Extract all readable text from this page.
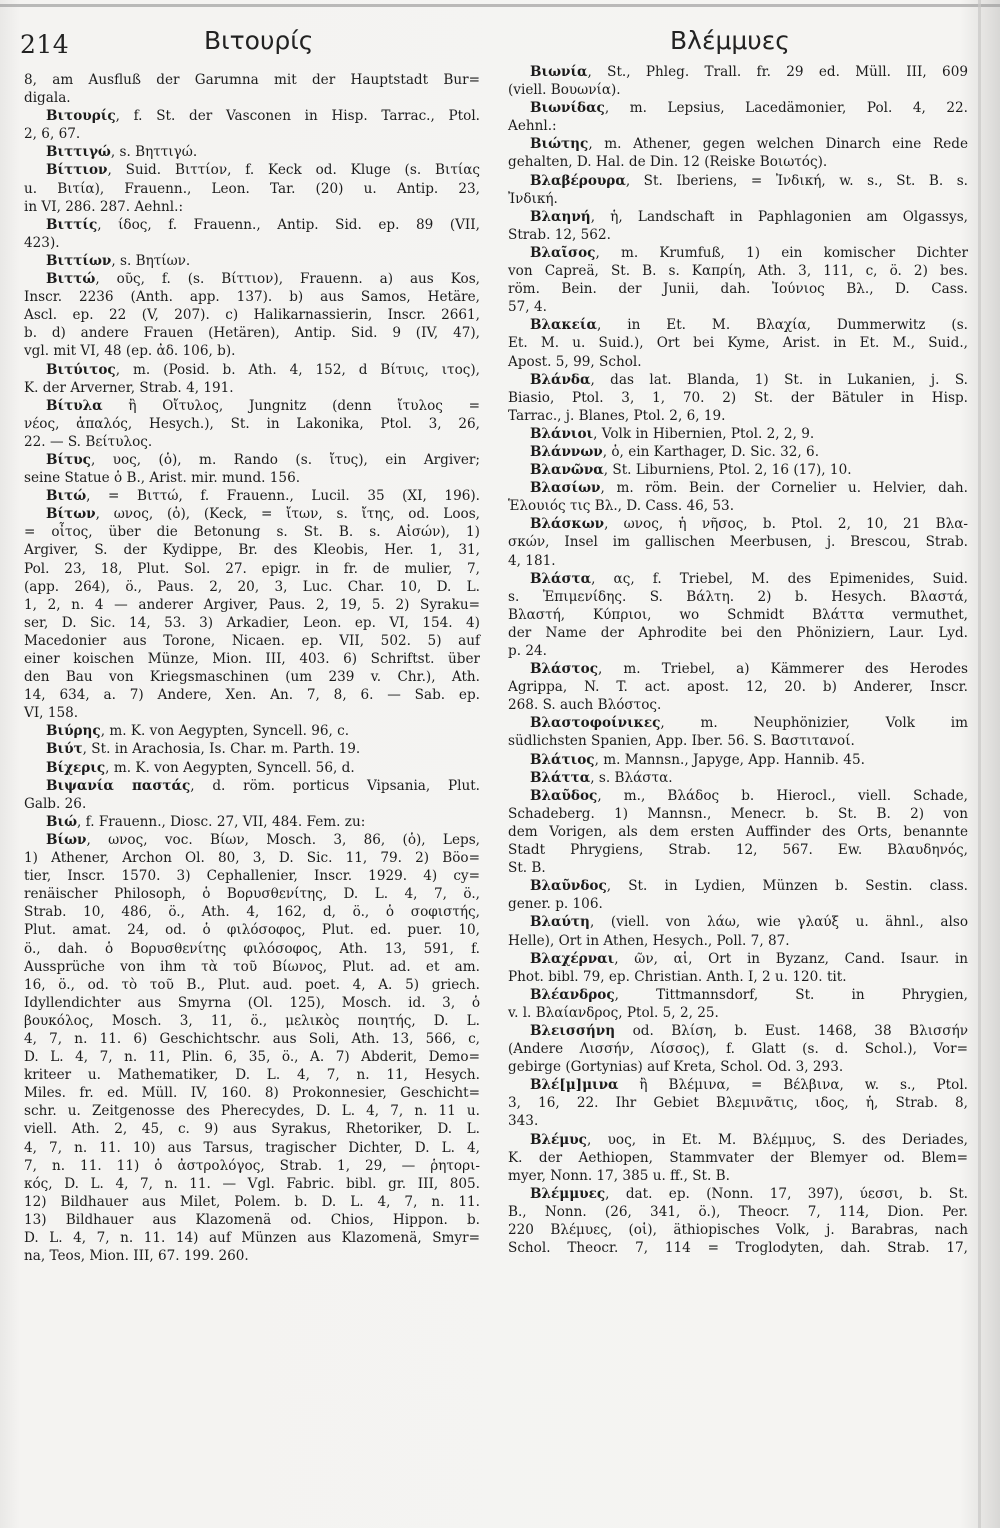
214	Βιτουρίς	Βλέμμυες
8, am Ausfluß der Garumna mit der Hauptstadt Bur=
digala.
Βιτουρίς, f. St. der Vasconen in Hisp. Tarrac., Ptol.
2, 6, 67.
Βιττιγώ, s. Βηττιγώ.
Βίττιον, Suid. Βιττίον, f. Keck od. Kluge (s. Βιτίας
u. Βιτία), Frauenn., Leon. Tar. (20) u. Antip. 23,
in VI, 286. 287. Aehnl.:
Βιττίς, ίδος, f. Frauenn., Antip. Sid. ep. 89 (VII,
423).
Βιττίων, s. Βητίων.
Βιττώ, οῦς, f. (s. Βίττιον), Frauenn. a) aus Kos,
Inscr. 2236 (Anth. app. 137). b) aus Samos, Hetäre,
Ascl. ep. 22 (V, 207). c) Halikarnassierin, Inscr. 2661,
b. d) andere Frauen (Hetären), Antip. Sid. 9 (IV, 47),
vgl. mit VI, 48 (ep. ἀδ. 106, b).
Βιτύιτος, m. (Posid. b. Ath. 4, 152, d Βίτυις, ιτος),
K. der Arverner, Strab. 4, 191.
Βίτυλα ἢ Οἴτυλος, Jungnitz (denn ἴτυλος =
νέος, ἁπαλός, Hesych.), St. in Lakonika, Ptol. 3, 26,
22. — S. Βείτυλος.
Βίτυς, υος, (ὁ), m. Rando (s. ἴτυς), ein Argiver;
seine Statue ὁ Β., Arist. mir. mund. 156.
Βιτώ, = Βιττώ, f. Frauenn., Lucil. 35 (XI, 196).
Βίτων, ωνος, (ὁ), (Keck, = ἴτων, s. ἴτης, od. Loos,
= οἶτος, über die Betonung s. St. B. s. Αἰσών), 1)
Argiver, S. der Kydippe, Br. des Kleobis, Her. 1, 31,
Pol. 23, 18, Plut. Sol. 27. epigr. in fr. de mulier, 7,
(app. 264), ö., Paus. 2, 20, 3, Luc. Char. 10, D. L.
1, 2, n. 4 — anderer Argiver, Paus. 2, 19, 5. 2) Syraku=
ser, D. Sic. 14, 53. 3) Arkadier, Leon. ep. VI, 154. 4)
Macedonier aus Torone, Nicaen. ep. VII, 502. 5) auf
einer koischen Münze, Mion. III, 403. 6) Schriftst. über
den Bau von Kriegsmaschinen (um 239 v. Chr.), Ath.
14, 634, a. 7) Andere, Xen. An. 7, 8, 6. — Sab. ep.
VI, 158.
Βιύρης, m. K. von Aegypten, Syncell. 96, c.
Βιύτ, St. in Arachosia, Is. Char. m. Parth. 19.
Βίχερις, m. K. von Aegypten, Syncell. 56, d.
Βιψανία παστάς, d. röm. porticus Vipsania, Plut.
Galb. 26.
Βιώ, f. Frauenn., Diosc. 27, VII, 484. Fem. zu:
Βίων, ωνος, voc. Βίων, Mosch. 3, 86, (ὁ), Leps,
1) Athener, Archon Ol. 80, 3, D. Sic. 11, 79. 2) Böo=
tier, Inscr. 1570. 3) Cephallenier, Inscr. 1929. 4) cy=
renäischer Philosoph, ὁ Βορυσθενίτης, D. L. 4, 7, ö.,
Strab. 10, 486, ö., Ath. 4, 162, d, ö., ὁ σοφιστής,
Plut. amat. 24, od. ὁ φιλόσοφος, Plut. ed. puer. 10,
ö., dah. ὁ Βορυσθενίτης φιλόσοφος, Ath. 13, 591, f.
Aussprüche von ihm τὰ τοῦ Βίωνος, Plut. ad. et am.
16, ö., od. τὸ τοῦ Β., Plut. aud. poet. 4, A. 5) griech.
Idyllendichter aus Smyrna (Ol. 125), Mosch. id. 3, ὁ
βουκόλος, Mosch. 3, 11, ö., μελικὸς ποιητής, D. L.
4, 7, n. 11. 6) Geschichtschr. aus Soli, Ath. 13, 566, c,
D. L. 4, 7, n. 11, Plin. 6, 35, ö., A. 7) Abderit, Demo=
kriteer u. Mathematiker, D. L. 4, 7, n. 11, Hesych.
Miles. fr. ed. Müll. IV, 160. 8) Prokonnesier, Geschicht=
schr. u. Zeitgenosse des Pherecydes, D. L. 4, 7, n. 11 u.
viell. Ath. 2, 45, c. 9) aus Syrakus, Rhetoriker, D. L.
4, 7, n. 11. 10) aus Tarsus, tragischer Dichter, D. L. 4,
7, n. 11. 11) ὁ ἀστρολόγος, Strab. 1, 29, — ῥητορι-
κός, D. L. 4, 7, n. 11. — Vgl. Fabric. bibl. gr. III, 805.
12) Bildhauer aus Milet, Polem. b. D. L. 4, 7, n. 11.
13) Bildhauer aus Klazomenä od. Chios, Hippon. b.
D. L. 4, 7, n. 11. 14) auf Münzen aus Klazomenä, Smyr=
na, Teos, Mion. III, 67. 199. 260.
Βιωνία, St., Phleg. Trall. fr. 29 ed. Müll. III, 609
(viell. Βουωνία).
Βιωνίδας, m. Lepsius, Lacedämonier, Pol. 4, 22.
Aehnl.:
Βιώτης, m. Athener, gegen welchen Dinarch eine Rede
gehalten, D. Hal. de Din. 12 (Reiske Βοιωτός).
Βλαβέρουρα, St. Iberiens, = Ἰνδική, w. s., St. B. s.
Ἰνδική.
Βλαηνή, ἡ, Landschaft in Paphlagonien am Olgassys,
Strab. 12, 562.
Βλαῖσος, m. Krumfuß, 1) ein komischer Dichter
von Capreä, St. B. s. Καπρίη, Ath. 3, 111, c, ö. 2) bes.
röm. Bein. der Junii, dah. Ἰούνιος Βλ., D. Cass.
57, 4.
Βλακεία, in Et. M. Βλαχία, Dummerwitz (s.
Et. M. u. Suid.), Ort bei Kyme, Arist. in Et. M., Suid.,
Apost. 5, 99, Schol.
Βλάνδα, das lat. Blanda, 1) St. in Lukanien, j. S.
Biasio, Ptol. 3, 1, 70. 2) St. der Bätuler in Hisp.
Tarrac., j. Blanes, Ptol. 2, 6, 19.
Βλάνιοι, Volk in Hibernien, Ptol. 2, 2, 9.
Βλάννων, ὁ, ein Karthager, D. Sic. 32, 6.
Βλανῶνα, St. Liburniens, Ptol. 2, 16 (17), 10.
Βλασίων, m. röm. Bein. der Cornelier u. Helvier, dah.
Ἑλουιός τις Βλ., D. Cass. 46, 53.
Βλάσκων, ωνος, ἡ νῆσος, b. Ptol. 2, 10, 21 Βλα-
σκών, Insel im gallischen Meerbusen, j. Brescou, Strab.
4, 181.
Βλάστα, ας, f. Triebel, M. des Epimenides, Suid.
s. Ἐπιμενίδης. S. Βάλτη. 2) b. Hesych. Βλαστά,
Βλαστή, Κύπριοι, wo Schmidt Βλάττα vermuthet,
der Name der Aphrodite bei den Phöniziern, Laur. Lyd.
p. 24.
Βλάστος, m. Triebel, a) Kämmerer des Herodes
Agrippa, N. T. act. apost. 12, 20. b) Anderer, Inscr.
268. S. auch Βλόστος.
Βλαστοφοίνικες, m. Neuphönizier, Volk im
südlichsten Spanien, App. Iber. 56. S. Βαστιτανοί.
Βλάτιος, m. Mannsn., Japyge, App. Hannib. 45.
Βλάττα, s. Βλάστα.
Βλαῦδος, m., Βλάδος b. Hierocl., viell. Schade,
Schadeberg. 1) Mannsn., Menecr. b. St. B. 2) von
dem Vorigen, als dem ersten Auffinder des Orts, benannte
Stadt Phrygiens, Strab. 12, 567. Ew. Βλαυδηνός,
St. B.
Βλαῦνδος, St. in Lydien, Münzen b. Sestin. class.
gener. p. 106.
Βλαύτη, (viell. von λάω, wie γλαύξ u. ähnl., also
Helle), Ort in Athen, Hesych., Poll. 7, 87.
Βλαχέρναι, ῶν, αἱ, Ort in Byzanz, Cand. Isaur. in
Phot. bibl. 79, ep. Christian. Anth. I, 2 u. 120. tit.
Βλέανδρος, Tittmannsdorf, St. in Phrygien,
v. l. Βλαίανδρος, Ptol. 5, 2, 25.
Βλεισσήνη od. Βλίση, b. Eust. 1468, 38 Βλισσήν
(Andere Λισσήν, Λίσσος), f. Glatt (s. d. Schol.), Vor=
gebirge (Gortynias) auf Kreta, Schol. Od. 3, 293.
Βλέ[μ]μινα ἢ Βλέμινα, = Βέλβινα, w. s., Ptol.
3, 16, 22. Ihr Gebiet Βλεμινᾶτις, ιδος, ἡ, Strab. 8,
343.
Βλέμυς, υος, in Et. M. Βλέμμυς, S. des Deriades,
K. der Aethiopen, Stammvater der Blemyer od. Blem=
myer, Nonn. 17, 385 u. ff., St. B.
Βλέμμυες, dat. ep. (Nonn. 17, 397), ύεσσι, b. St.
B., Nonn. (26, 341, ö.), Theocr. 7, 114, Dion. Per.
220 Βλέμυες, (οἱ), äthiopisches Volk, j. Barabras, nach
Schol. Theocr. 7, 114 = Troglodyten, dah. Strab. 17,
